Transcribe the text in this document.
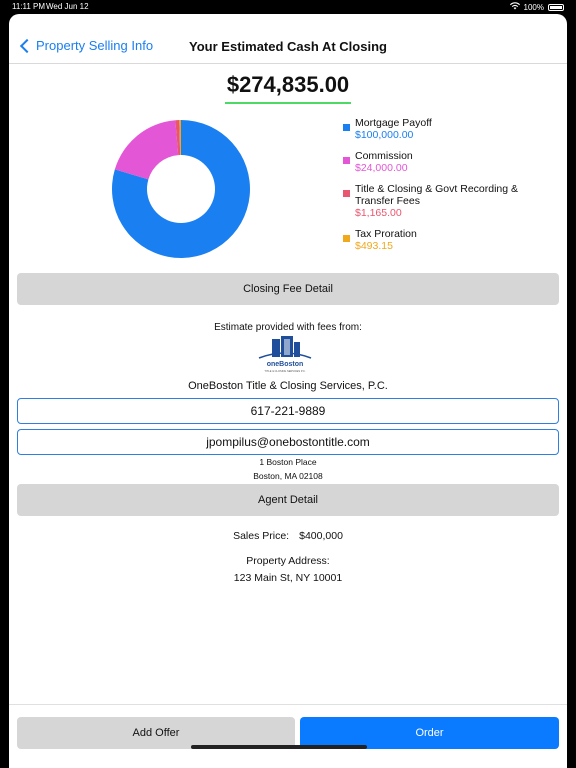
11:11 PM Wed Jun 12	100%
Property Selling Info	Your Estimated Cash At Closing
$274,835.00
Mortgage Payoff
$100,000.00
Commission
$24,000.00
Title & Closing & Govt Recording & Transfer Fees
$1,165.00
Tax Proration
$493.15
Closing Fee Detail
Estimate provided with fees from:
oneBoston
TITLE & CLOSING SERVICES P.C.
OneBoston Title & Closing Services, P.C.
617-221-9889
jpompilus@onebostontitle.com
1 Boston Place
Boston, MA 02108
Agent Detail
Sales Price: $400,000
Property Address:
123 Main St, NY 10001
Add Offer	Order
